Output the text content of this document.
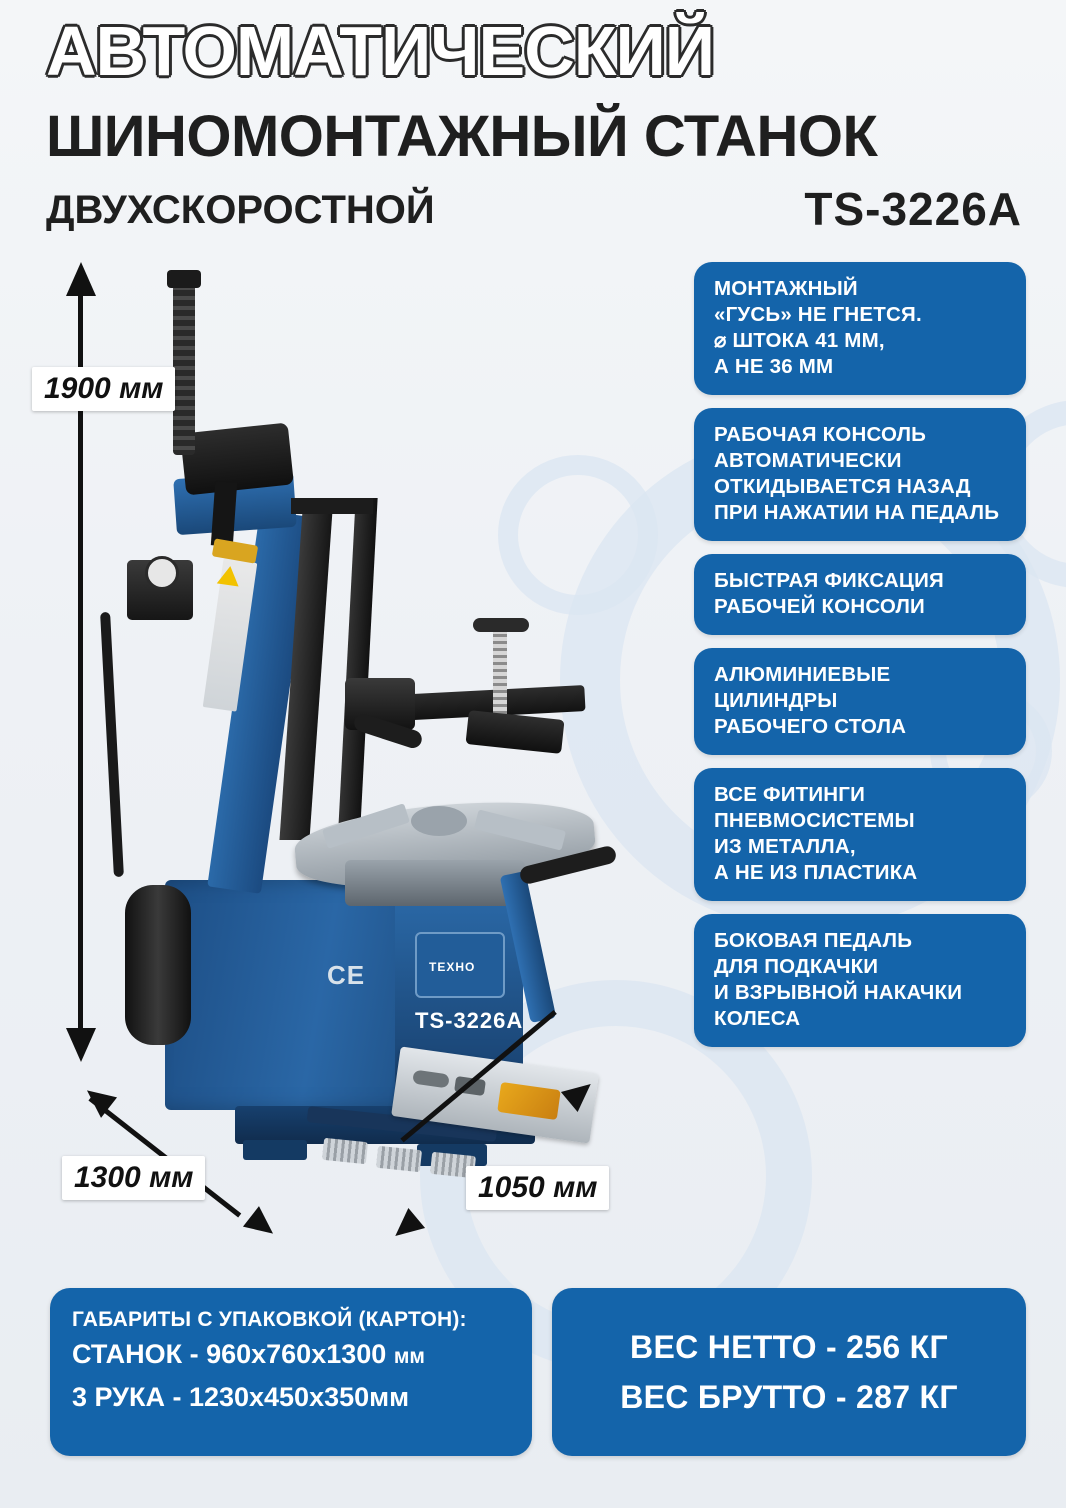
АВТОМАТИЧЕСКИЙ
ШИНОМОНТАЖНЫЙ СТАНОК
ДВУХСКОРОСТНОЙ	TS-3226A
CE	ТЕХНО
TS-3226A
1900 мм
1300 мм	1050 мм
МОНТАЖНЫЙ
«ГУСЬ» НЕ ГНЕТСЯ.
⌀ ШТОКА 41 ММ,
А НЕ 36 ММ
РАБОЧАЯ КОНСОЛЬ
АВТОМАТИЧЕСКИ
ОТКИДЫВАЕТСЯ НАЗАД
ПРИ НАЖАТИИ НА ПЕДАЛЬ
БЫСТРАЯ ФИКСАЦИЯ
РАБОЧЕЙ КОНСОЛИ
АЛЮМИНИЕВЫЕ
ЦИЛИНДРЫ
РАБОЧЕГО СТОЛА
ВСЕ ФИТИНГИ
ПНЕВМОСИСТЕМЫ
ИЗ МЕТАЛЛА,
А НЕ ИЗ ПЛАСТИКА
БОКОВАЯ ПЕДАЛЬ
ДЛЯ ПОДКАЧКИ
И ВЗРЫВНОЙ НАКАЧКИ
КОЛЕСА
ГАБАРИТЫ С УПАКОВКОЙ (КАРТОН):
СТАНОК - 960x760x1300 мм
3 РУКА - 1230x450x350мм
ВЕС НЕТТО - 256 КГ
ВЕС БРУТТО - 287 КГ
